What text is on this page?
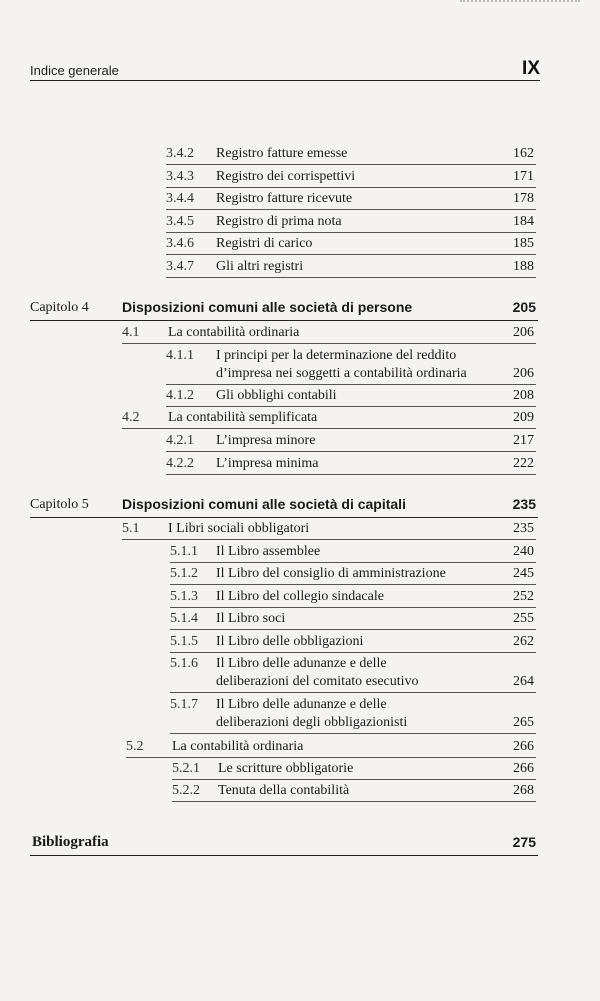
Indice generale	IX
3.4.2 Registro fatture emesse	162
3.4.3 Registro dei corrispettivi	171
3.4.4 Registro fatture ricevute	178
3.4.5 Registro di prima nota	184
3.4.6 Registri di carico	185
3.4.7 Gli altri registri	188
Capitolo 4 Disposizioni comuni alle società di persone	205
4.1 La contabilità ordinaria	206
4.1.1 I principi per la determinazione del reddito
d’impresa nei soggetti a contabilità ordinaria	206
4.1.2 Gli obblighi contabili	208
4.2 La contabilità semplificata	209
4.2.1 L’impresa minore	217
4.2.2 L’impresa minima	222
Capitolo 5 Disposizioni comuni alle società di capitali	235
5.1 I Libri sociali obbligatori	235
5.1.1 Il Libro assemblee	240
5.1.2 Il Libro del consiglio di amministrazione	245
5.1.3 Il Libro del collegio sindacale	252
5.1.4 Il Libro soci	255
5.1.5 Il Libro delle obbligazioni	262
5.1.6 Il Libro delle adunanze e delle
deliberazioni del comitato esecutivo	264
5.1.7 Il Libro delle adunanze e delle
deliberazioni degli obbligazionisti	265
5.2 La contabilità ordinaria	266
5.2.1 Le scritture obbligatorie	266
5.2.2 Tenuta della contabilità	268
Bibliografia	275
